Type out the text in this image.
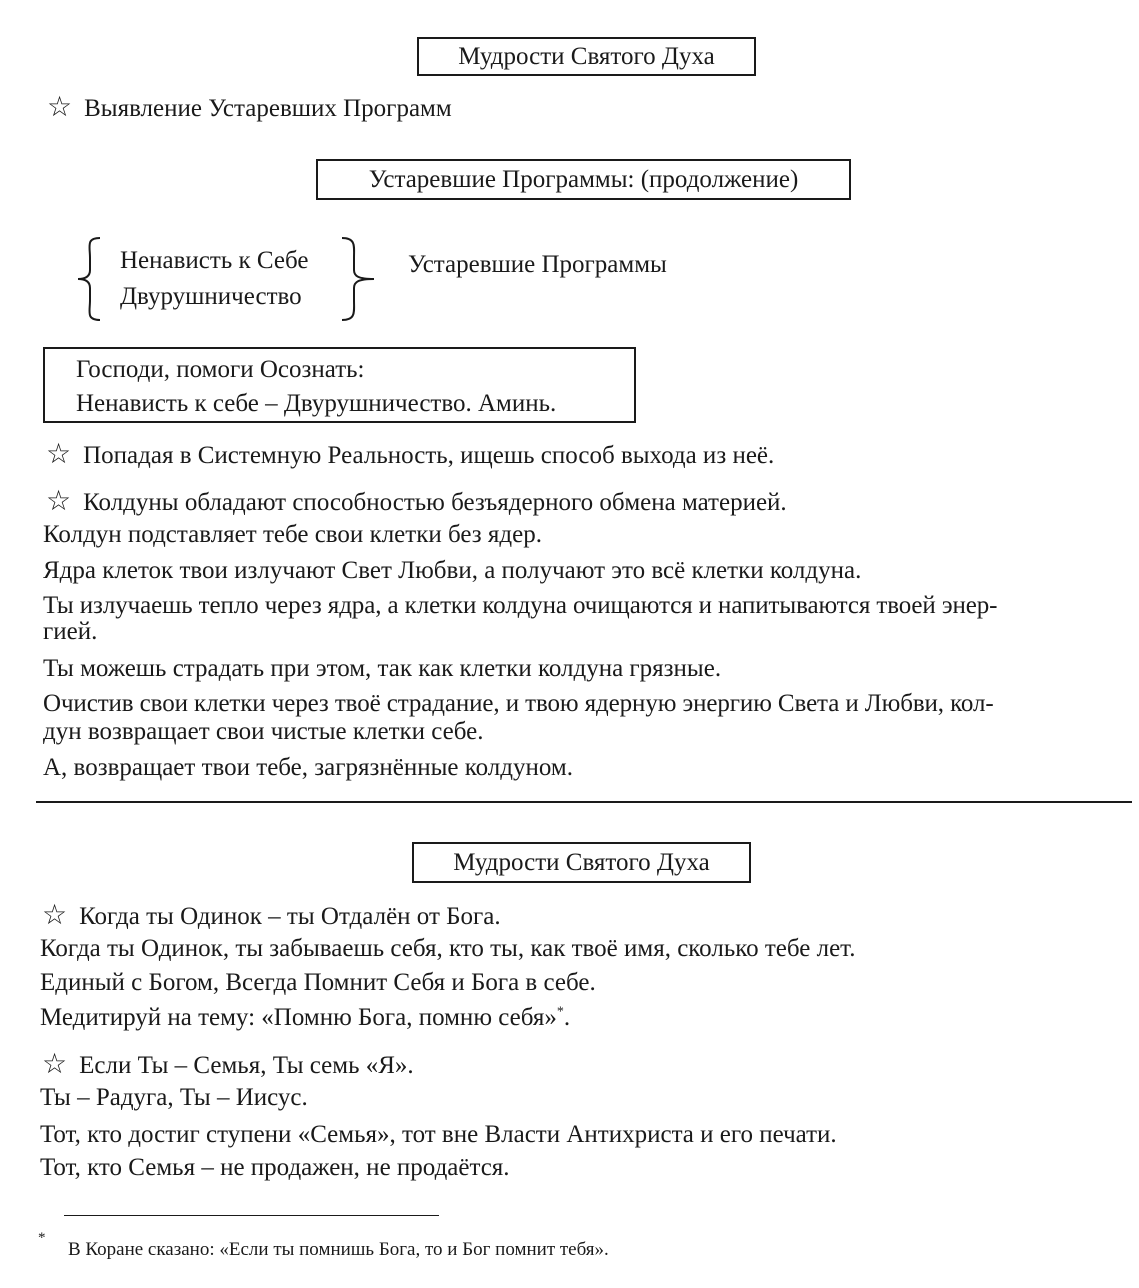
Мудрости Святого Духа
☆ Выявление Устаревших Программ
Устаревшие Программы: (продолжение)
Ненависть к Себе
Двурушничество
Устаревшие Программы
Господи, помоги Осознать:
Ненависть к себе – Двурушничество. Аминь.
☆ Попадая в Системную Реальность, ищешь способ выхода из неё.
☆ Колдуны обладают способностью безъядерного обмена материей.
Колдун подставляет тебе свои клетки без ядер.
Ядра клеток твои излучают Свет Любви, а получают это всё клетки колдуна.
Ты излучаешь тепло через ядра, а клетки колдуна очищаются и напитываются твоей энер-
гией.
Ты можешь страдать при этом, так как клетки колдуна грязные.
Очистив свои клетки через твоё страдание, и твою ядерную энергию Света и Любви, кол-
дун возвращает свои чистые клетки себе.
А, возвращает твои тебе, загрязнённые колдуном.
Мудрости Святого Духа
☆ Когда ты Одинок – ты Отдалён от Бога.
Когда ты Одинок, ты забываешь себя, кто ты, как твоё имя, сколько тебе лет.
Единый с Богом, Всегда Помнит Себя и Бога в себе.
Медитируй на тему: «Помню Бога, помню себя»*.
☆ Если Ты – Семья, Ты семь «Я».
Ты – Радуга, Ты – Иисус.
Тот, кто достиг ступени «Семья», тот вне Власти Антихриста и его печати.
Тот, кто Семья – не продажен, не продаётся.
*
В Коране сказано: «Если ты помнишь Бога, то и Бог помнит тебя».
